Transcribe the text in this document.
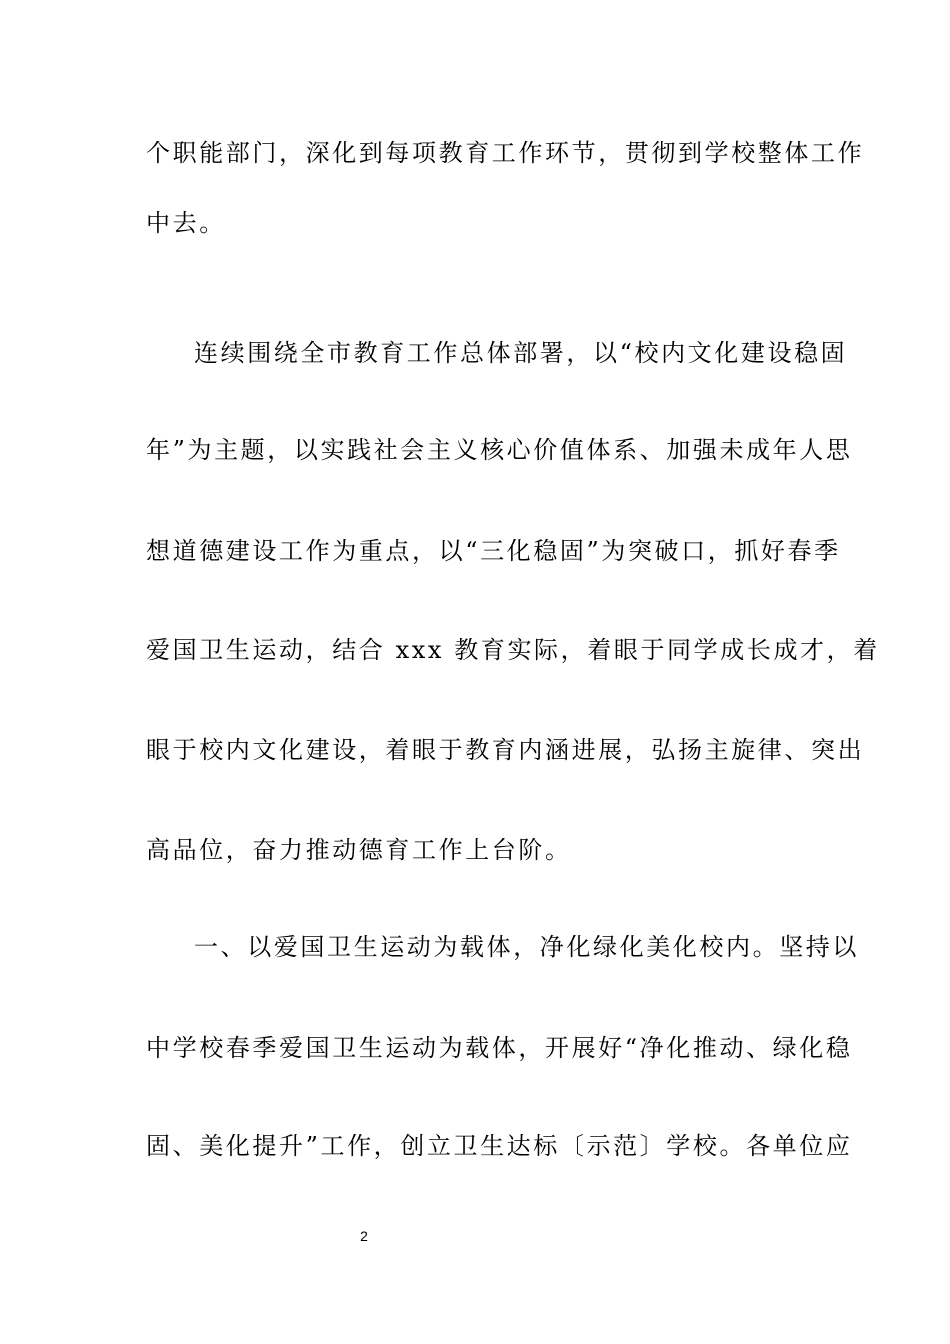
个职能部门，深化到每项教育工作环节，贯彻到学校整体工作
中去。
连续围绕全市教育工作总体部署，以“校内文化建设稳固
年”为主题，以实践社会主义核心价值体系、加强未成年人思
想道德建设工作为重点，以“三化稳固”为突破口，抓好春季
爱国卫生运动，结合 xxx 教育实际，着眼于同学成长成才，着
眼于校内文化建设，着眼于教育内涵进展，弘扬主旋律、突出
高品位，奋力推动德育工作上台阶。
一、以爱国卫生运动为载体，净化绿化美化校内。坚持以
中学校春季爱国卫生运动为载体，开展好“净化推动、绿化稳
固、美化提升”工作，创立卫生达标〔示范〕学校。各单位应
2
